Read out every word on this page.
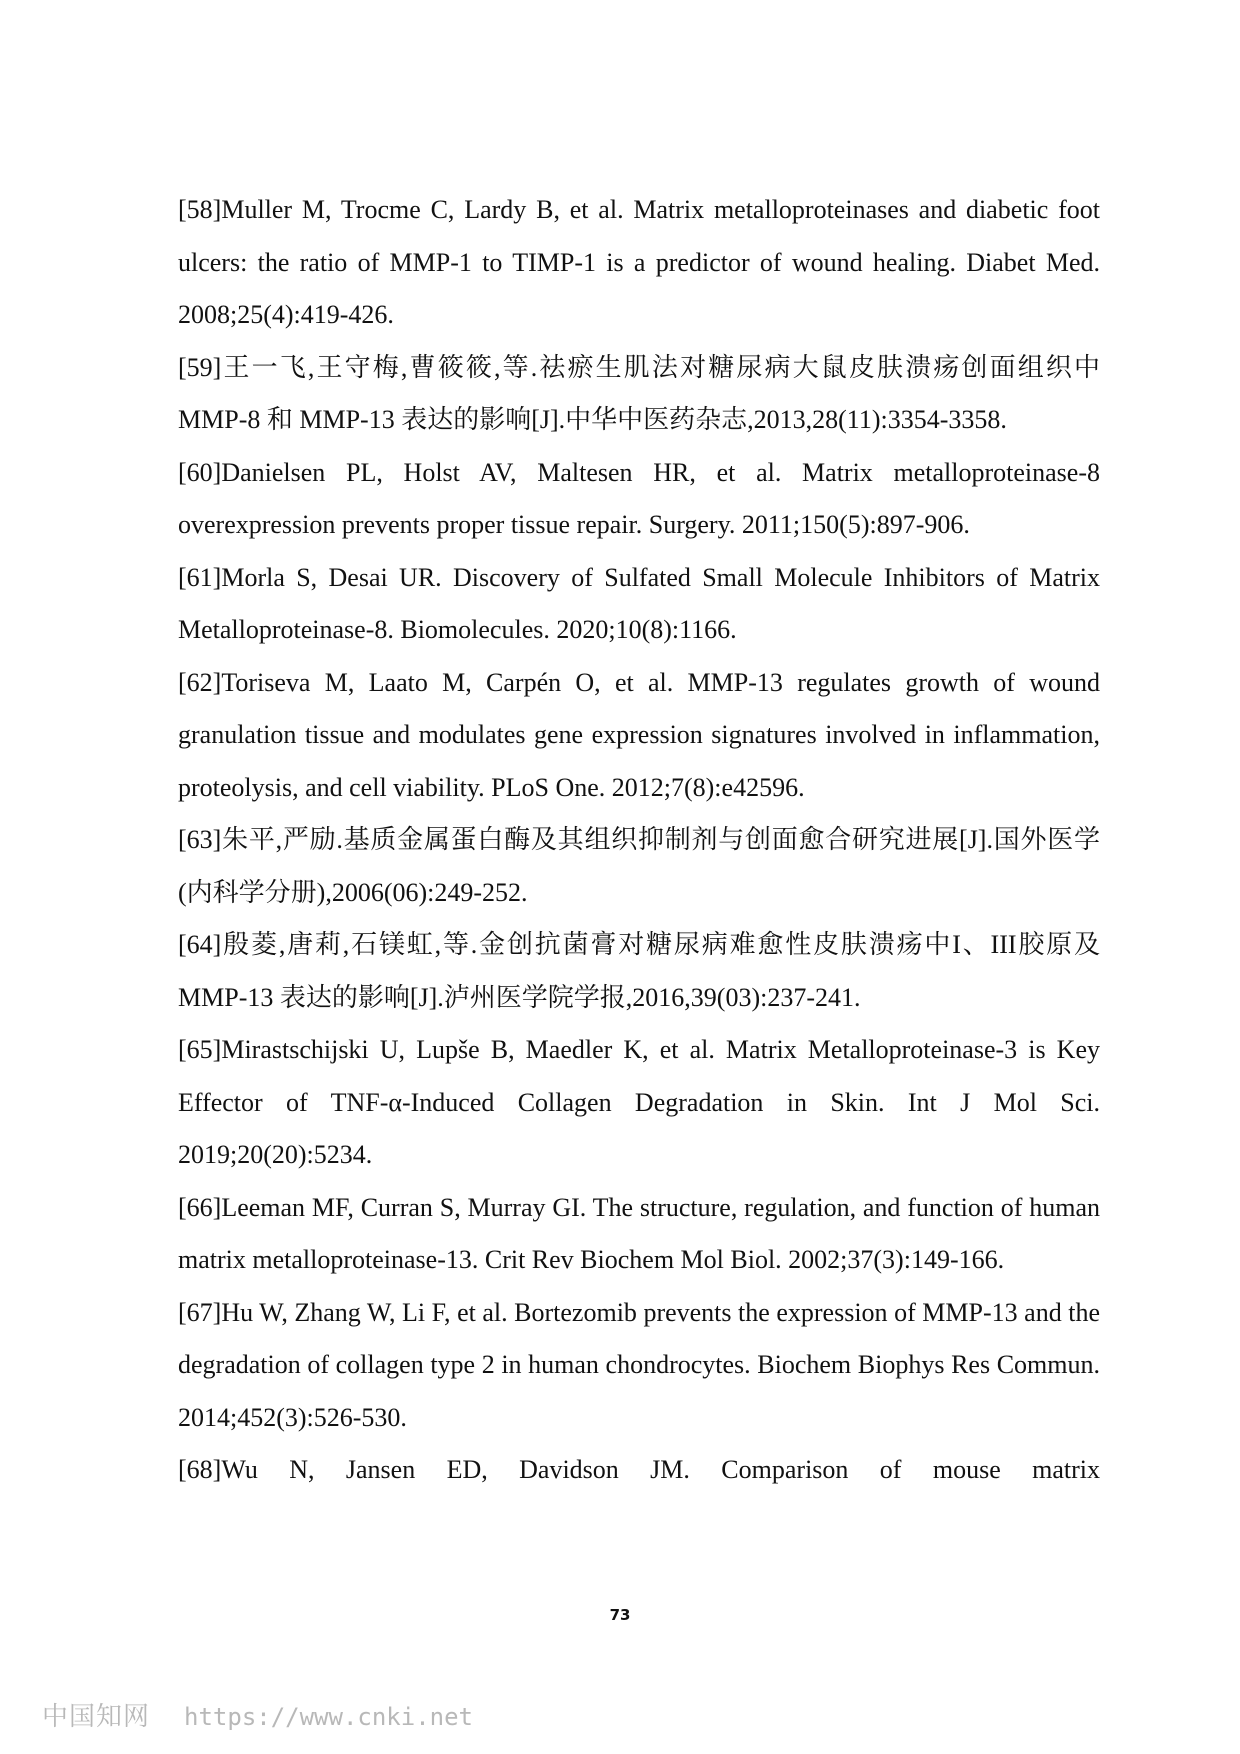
[58]Muller M, Trocme C, Lardy B, et al. Matrix metalloproteinases and diabetic foot ulcers: the ratio of MMP-1 to TIMP-1 is a predictor of wound healing. Diabet Med. 2008;25(4):419-426.
[59]王一飞,王守梅,曹筱筱,等.祛瘀生肌法对糖尿病大鼠皮肤溃疡创面组织中 MMP-8 和 MMP-13 表达的影响[J].中华中医药杂志,2013,28(11):3354-3358.
[60]Danielsen PL, Holst AV, Maltesen HR, et al. Matrix metalloproteinase-8 overexpression prevents proper tissue repair. Surgery. 2011;150(5):897-906.
[61]Morla S, Desai UR. Discovery of Sulfated Small Molecule Inhibitors of Matrix Metalloproteinase-8. Biomolecules. 2020;10(8):1166.
[62]Toriseva M, Laato M, Carpén O, et al. MMP-13 regulates growth of wound granulation tissue and modulates gene expression signatures involved in inflammation, proteolysis, and cell viability. PLoS One. 2012;7(8):e42596.
[63]朱平,严励.基质金属蛋白酶及其组织抑制剂与创面愈合研究进展[J].国外医学(内科学分册),2006(06):249-252.
[64]殷菱,唐莉,石镁虹,等.金创抗菌膏对糖尿病难愈性皮肤溃疡中I、III胶原及 MMP-13 表达的影响[J].泸州医学院学报,2016,39(03):237-241.
[65]Mirastschijski U, Lupše B, Maedler K, et al. Matrix Metalloproteinase-3 is Key Effector of TNF-α-Induced Collagen Degradation in Skin. Int J Mol Sci. 2019;20(20):5234.
[66]Leeman MF, Curran S, Murray GI. The structure, regulation, and function of human matrix metalloproteinase-13. Crit Rev Biochem Mol Biol. 2002;37(3):149-166.
[67]Hu W, Zhang W, Li F, et al. Bortezomib prevents the expression of MMP-13 and the degradation of collagen type 2 in human chondrocytes. Biochem Biophys Res Commun. 2014;452(3):526-530.
[68]Wu N, Jansen ED, Davidson JM. Comparison of mouse matrix
73
中国知网 https://www.cnki.net
